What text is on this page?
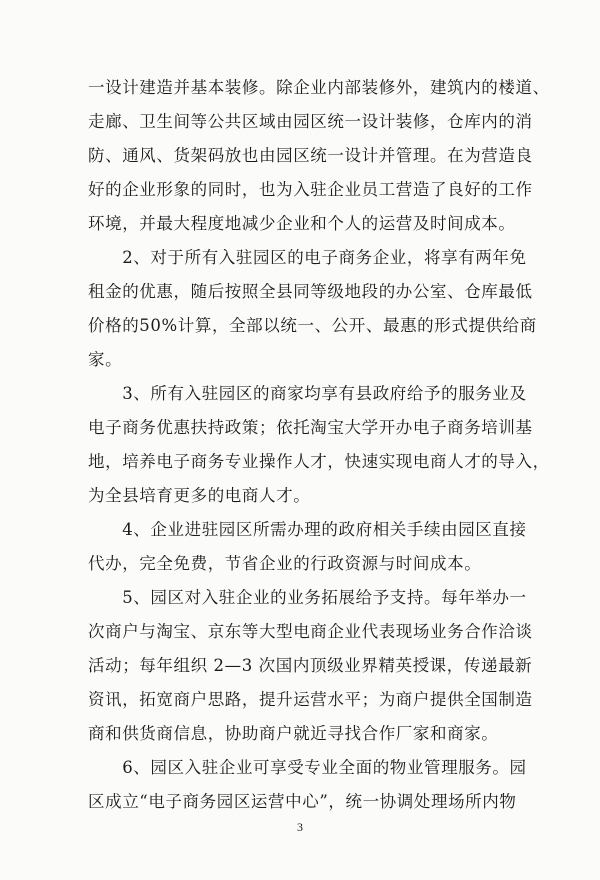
一设计建造并基本装修。除企业内部装修外，建筑内的楼道、
走廊、卫生间等公共区域由园区统一设计装修，仓库内的消
防、通风、货架码放也由园区统一设计并管理。在为营造良
好的企业形象的同时，也为入驻企业员工营造了良好的工作
环境，并最大程度地减少企业和个人的运营及时间成本。
　　2、对于所有入驻园区的电子商务企业，将享有两年免
租金的优惠，随后按照全县同等级地段的办公室、仓库最低
价格的50%计算，全部以统一、公开、最惠的形式提供给商
家。
　　3、所有入驻园区的商家均享有县政府给予的服务业及
电子商务优惠扶持政策；依托淘宝大学开办电子商务培训基
地，培养电子商务专业操作人才，快速实现电商人才的导入，
为全县培育更多的电商人才。
　　4、企业进驻园区所需办理的政府相关手续由园区直接
代办，完全免费，节省企业的行政资源与时间成本。
　　5、园区对入驻企业的业务拓展给予支持。每年举办一
次商户与淘宝、京东等大型电商企业代表现场业务合作洽谈
活动；每年组织 2—3 次国内顶级业界精英授课，传递最新
资讯，拓宽商户思路，提升运营水平；为商户提供全国制造
商和供货商信息，协助商户就近寻找合作厂家和商家。
　　6、园区入驻企业可享受专业全面的物业管理服务。园
区成立“电子商务园区运营中心”，统一协调处理场所内物
3
